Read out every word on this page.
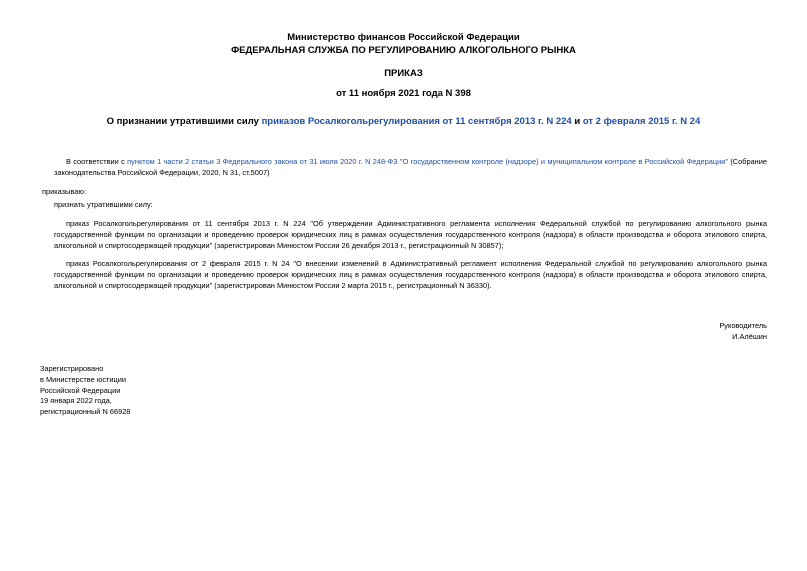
Министерство финансов Российской Федерации
ФЕДЕРАЛЬНАЯ СЛУЖБА ПО РЕГУЛИРОВАНИЮ АЛКОГОЛЬНОГО РЫНКА
ПРИКАЗ
от 11 ноября 2021 года N 398
О признании утратившими силу приказов Росалкогольрегулирования от 11 сентября 2013 г. N 224 и от 2 февраля 2015 г. N 24
В соответствии с пунктом 1 части 2 статьи 3 Федерального закона от 31 июля 2020 г. N 248-ФЗ "О государственном контроле (надзоре) и муниципальном контроле в Российской Федерации" (Собрание законодательства Российской Федерации, 2020, N 31, ст.5007)
приказываю:
признать утратившими силу:
приказ Росалкогольрегулирования от 11 сентября 2013 г. N 224 "Об утверждении Административного регламента исполнения Федеральной службой по регулированию алкогольного рынка государственной функции по организации и проведению проверок юридических лиц в рамках осуществления государственного контроля (надзора) в области производства и оборота этилового спирта, алкогольной и спиртосодержащей продукции" (зарегистрирован Минюстом России 26 декабря 2013 г., регистрационный N 30857);
приказ Росалкогольрегулирования от 2 февраля 2015 г. N 24 "О внесении изменений в Административный регламент исполнения Федеральной службой по регулированию алкогольного рынка государственной функции по организации и проведению проверок юридических лиц в рамках осуществления государственного контроля (надзора) в области производства и оборота этилового спирта, алкогольной и спиртосодержащей продукции" (зарегистрирован Минюстом России 2 марта 2015 г., регистрационный N 36330).
Руководитель
И.Алёшин
Зарегистрировано
в Министерстве юстиции
Российской Федерации
19 января 2022 года,
регистрационный N 66928
